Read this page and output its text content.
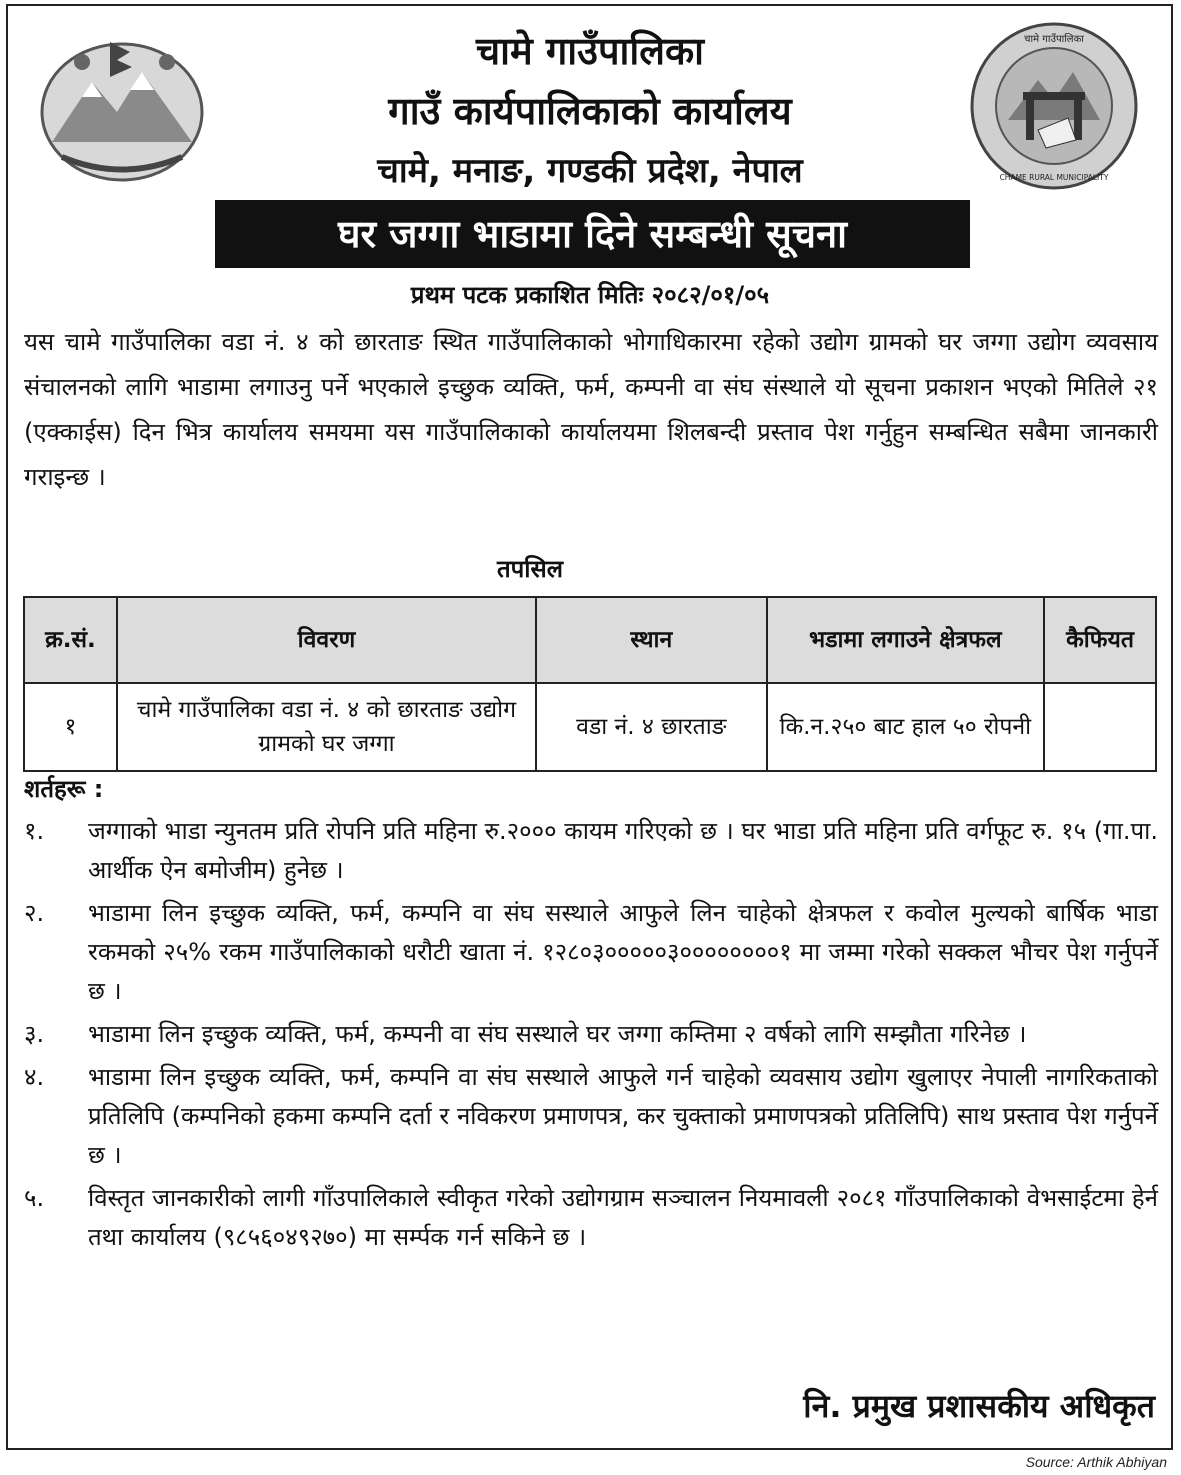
चामे गाउँपालिका
CHAME RURAL MUNICIPALITY
चामे गाउँपालिका
गाउँ कार्यपालिकाको कार्यालय
चामे, मनाङ, गण्डकी प्रदेश, नेपाल
घर जग्गा भाडामा दिने सम्बन्धी सूचना
प्रथम पटक प्रकाशित मितिः २०८२/०१/०५
यस चामे गाउँपालिका वडा नं. ४ को छारताङ स्थित गाउँपालिकाको भोगाधिकारमा रहेको उद्योग ग्रामको घर जग्गा उद्योग व्यवसाय संचालनको लागि भाडामा लगाउनु पर्ने भएकाले इच्छुक व्यक्ति, फर्म, कम्पनी वा संघ संस्थाले यो सूचना प्रकाशन भएको मितिले २१ (एक्काईस) दिन भित्र कार्यालय समयमा यस गाउँपालिकाको कार्यालयमा शिलबन्दी प्रस्ताव पेश गर्नुहुन सम्बन्धित सबैमा जानकारी गराइन्छ ।
तपसिल
क्र.सं.	विवरण	स्थान	भडामा लगाउने क्षेत्रफल	कैफियत
१	चामे गाउँपालिका वडा नं. ४ को छारताङ उद्योग ग्रामको घर जग्गा	वडा नं. ४ छारताङ	कि.न.२५० बाट हाल ५० रोपनी	
शर्तहरू :
१.	जग्गाको भाडा न्युनतम प्रति रोपनि प्रति महिना रु.२००० कायम गरिएको छ । घर भाडा प्रति महिना प्रति वर्गफूट रु. १५ (गा.पा. आर्थीक ऐन बमोजीम) हुनेछ ।
२.	भाडामा लिन इच्छुक व्यक्ति, फर्म, कम्पनि वा संघ सस्थाले आफुले लिन चाहेको क्षेत्रफल र कवोल मुल्यको बार्षिक भाडा रकमको २५% रकम गाउँपालिकाको धरौटी खाता नं. १२८०३०००००३००००००००१ मा जम्मा गरेको सक्कल भौचर पेश गर्नुपर्ने छ ।
३.	भाडामा लिन इच्छुक व्यक्ति, फर्म, कम्पनी वा संघ सस्थाले घर जग्गा कम्तिमा २ वर्षको लागि सम्झौता गरिनेछ ।
४.	भाडामा लिन इच्छुक व्यक्ति, फर्म, कम्पनि वा संघ सस्थाले आफुले गर्न चाहेको व्यवसाय उद्योग खुलाएर नेपाली नागरिकताको प्रतिलिपि (कम्पनिको हकमा कम्पनि दर्ता र नविकरण प्रमाणपत्र, कर चुक्ताको प्रमाणपत्रको प्रतिलिपि) साथ प्रस्ताव पेश गर्नुपर्ने छ ।
५.	विस्तृत जानकारीको लागी गाँउपालिकाले स्वीकृत गरेको उद्योगग्राम सञ्चालन नियमावली २०८१ गाँउपालिकाको वेभसाईटमा हेर्न तथा कार्यालय (९८५६०४९२७०) मा सर्म्पक गर्न सकिने छ ।
नि. प्रमुख प्रशासकीय अधिकृत
Source: Arthik Abhiyan
